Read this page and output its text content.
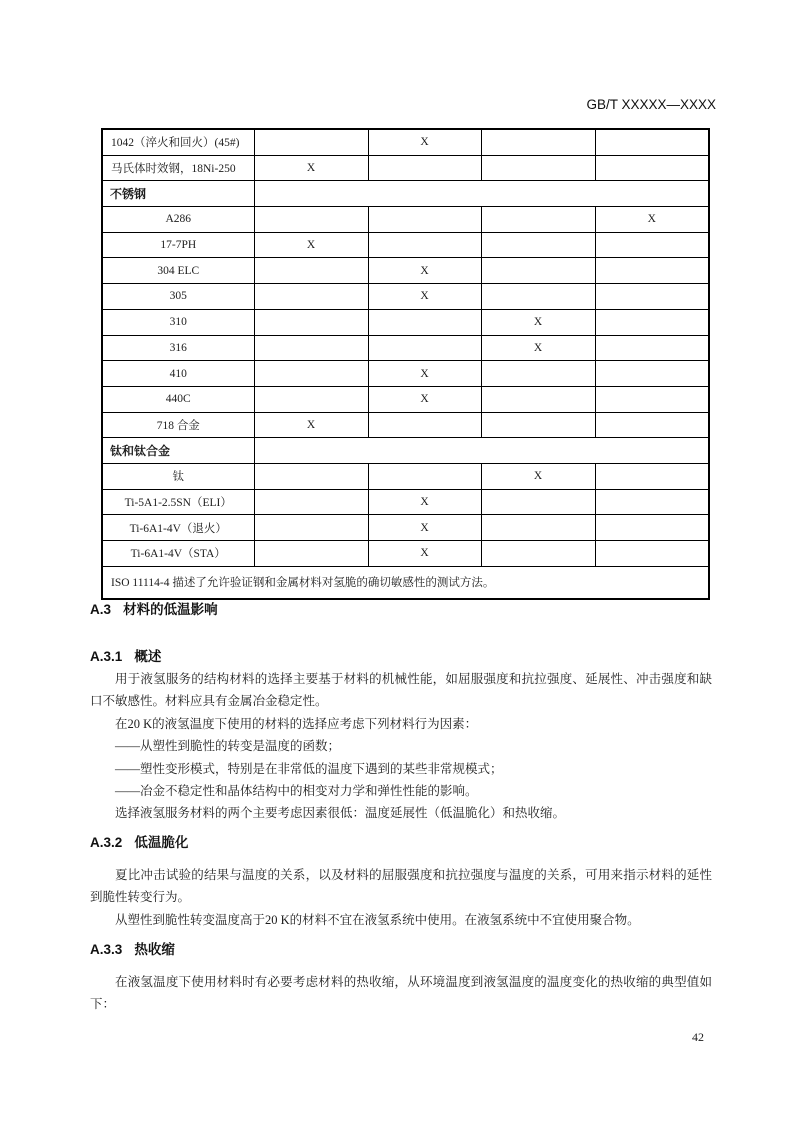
GB/T XXXXX—XXXX
1042（淬火和回火）(45#)		X		
马氏体时效钢，18Ni-250	X			
不锈钢				
A286				X
17-7PH	X			
304 ELC		X		
305		X		
310			X	
316			X	
410		X		
440C		X		
718 合金	X			
钛和钛合金				
钛			X	
Ti-5A1-2.5SN（ELI）		X		
Ti-6A1-4V（退火）		X		
Ti-6A1-4V（STA）		X		
ISO 11114-4 描述了允许验证钢和金属材料对氢脆的确切敏感性的测试方法。				
A.3 材料的低温影响
A.3.1 概述

用于液氢服务的结构材料的选择主要基于材料的机械性能，如屈服强度和抗拉强度、延展性、冲击强度和缺口不敏感性。材料应具有金属冶金稳定性。

在20 K的液氢温度下使用的材料的选择应考虑下列材料行为因素：

——从塑性到脆性的转变是温度的函数；

——塑性变形模式，特别是在非常低的温度下遇到的某些非常规模式；

——冶金不稳定性和晶体结构中的相变对力学和弹性性能的影响。

选择液氢服务材料的两个主要考虑因素很低：温度延展性（低温脆化）和热收缩。

A.3.2 低温脆化

夏比冲击试验的结果与温度的关系，以及材料的屈服强度和抗拉强度与温度的关系，可用来指示材料的延性到脆性转变行为。

从塑性到脆性转变温度高于20 K的材料不宜在液氢系统中使用。在液氢系统中不宜使用聚合物。

A.3.3 热收缩

在液氢温度下使用材料时有必要考虑材料的热收缩，从环境温度到液氢温度的温度变化的热收缩的典型值如下：

42
